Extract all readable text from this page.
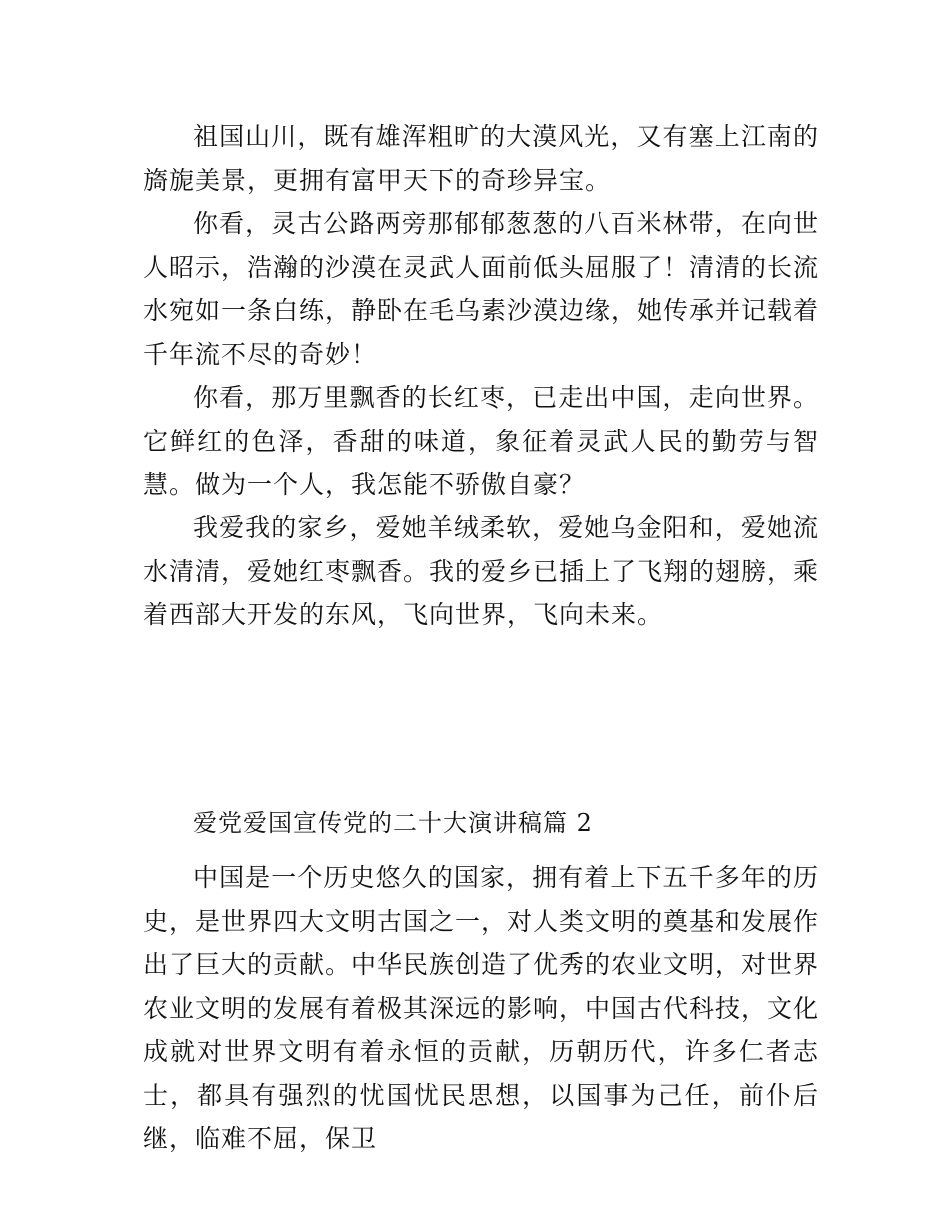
祖国山川，既有雄浑粗旷的大漠风光，又有塞上江南的旖旎美景，更拥有富甲天下的奇珍异宝。

你看，灵古公路两旁那郁郁葱葱的八百米林带，在向世人昭示，浩瀚的沙漠在灵武人面前低头屈服了！清清的长流水宛如一条白练，静卧在毛乌素沙漠边缘，她传承并记载着千年流不尽的奇妙！

你看，那万里飘香的长红枣，已走出中国，走向世界。它鲜红的色泽，香甜的味道，象征着灵武人民的勤劳与智慧。做为一个人，我怎能不骄傲自豪？

我爱我的家乡，爱她羊绒柔软，爱她乌金阳和，爱她流水清清，爱她红枣飘香。我的爱乡已插上了飞翔的翅膀，乘着西部大开发的东风，飞向世界，飞向未来。

爱党爱国宣传党的二十大演讲稿篇 2

中国是一个历史悠久的国家，拥有着上下五千多年的历史，是世界四大文明古国之一，对人类文明的奠基和发展作出了巨大的贡献。中华民族创造了优秀的农业文明，对世界农业文明的发展有着极其深远的影响，中国古代科技，文化成就对世界文明有着永恒的贡献，历朝历代，许多仁者志士，都具有强烈的忧国忧民思想，以国事为己任，前仆后继，临难不屈，保卫
